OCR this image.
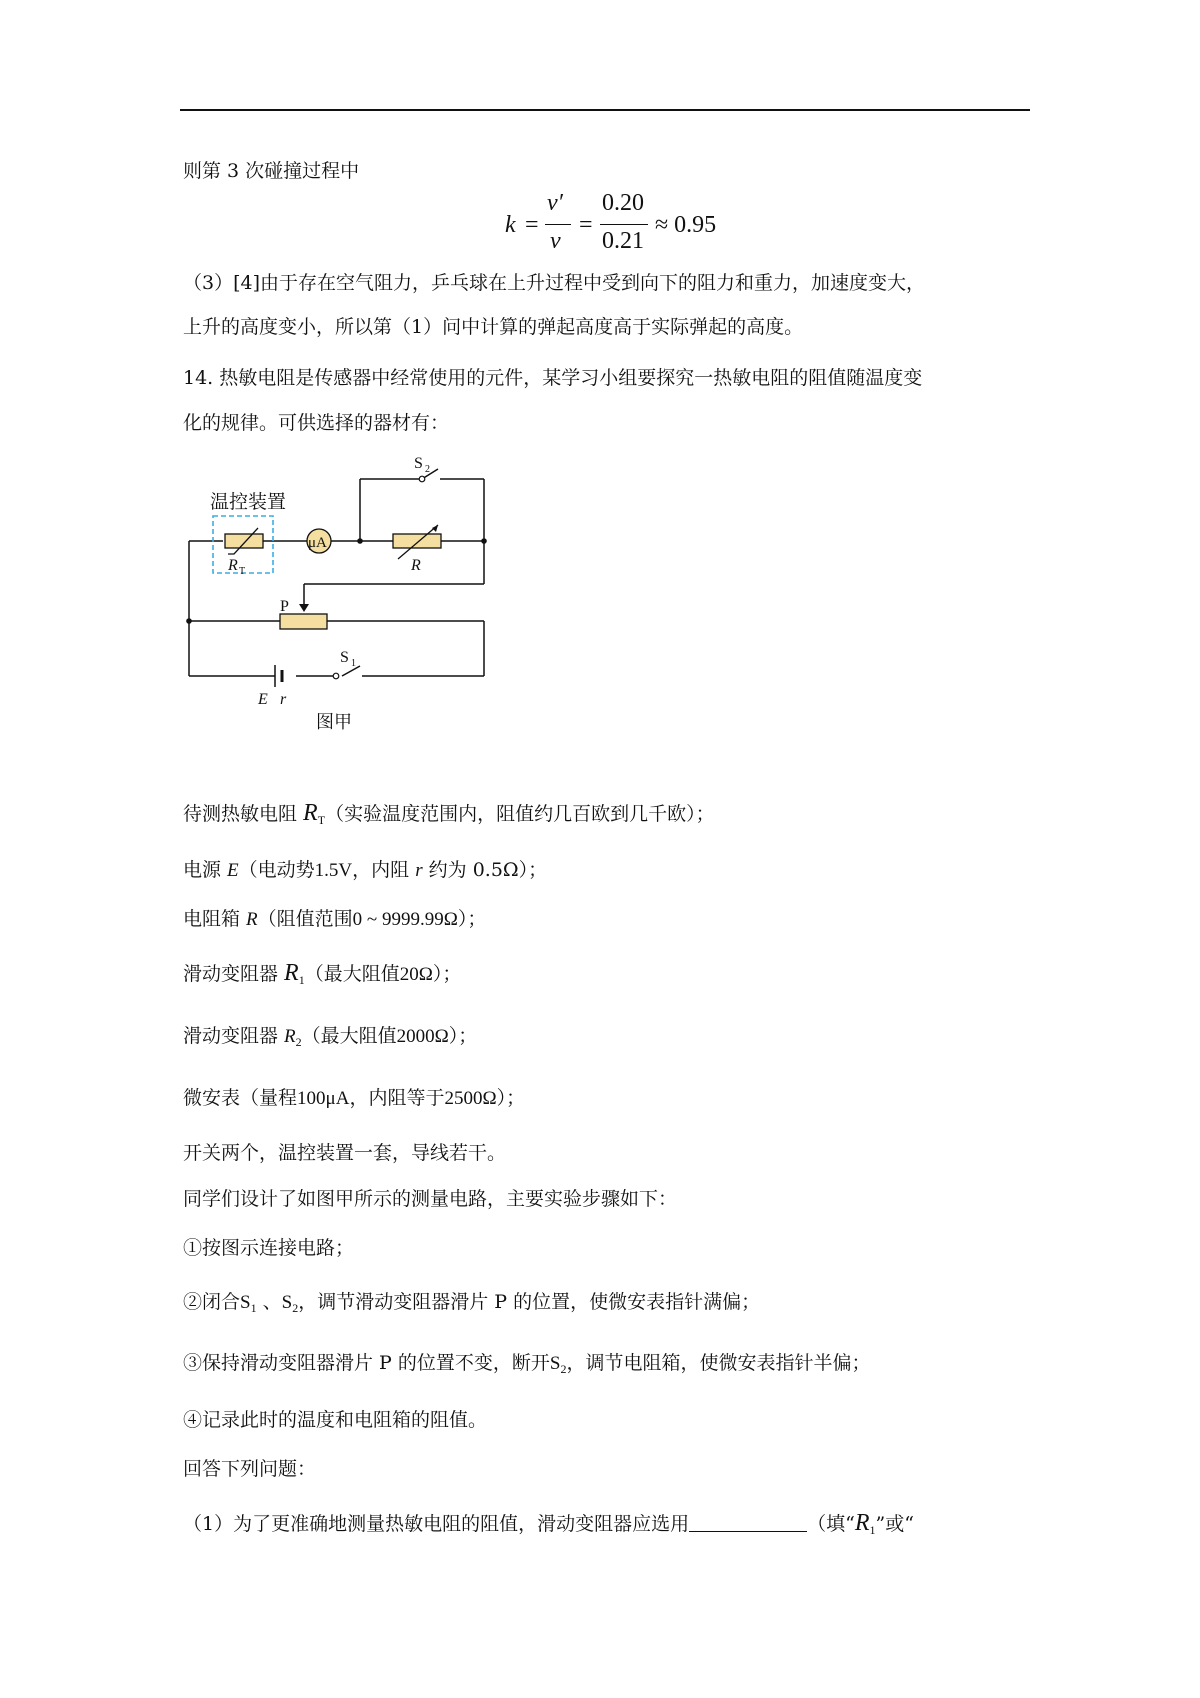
则第 3 次碰撞过程中
k =
v′
v
=
0.20
0.21
≈ 0.95
（3）[4]由于存在空气阻力，乒乓球在上升过程中受到向下的阻力和重力，加速度变大，
上升的高度变小，所以第（1）问中计算的弹起高度高于实际弹起的高度。
14. 热敏电阻是传感器中经常使用的元件，某学习小组要探究一热敏电阻的阻值随温度变
化的规律。可供选择的器材有：
温控装置
R T
μA
R
S 2
P
S 1
E r
图甲
待测热敏电阻 $R_T$（实验温度范围内，阻值约几百欧到几千欧）；
电源 E（电动势1.5V，内阻 r 约为 0.5Ω）；
电阻箱 R（阻值范围0 ~ 9999.99Ω）；
滑动变阻器 $R_1$（最大阻值20Ω）；
滑动变阻器 $R_2$（最大阻值2000Ω）；
微安表（量程100μA，内阻等于2500Ω）；
开关两个，温控装置一套，导线若干。
同学们设计了如图甲所示的测量电路，主要实验步骤如下：
①按图示连接电路；
②闭合$S_1$ 、$S_2$，调节滑动变阻器滑片 P 的位置，使微安表指针满偏；
③保持滑动变阻器滑片 P 的位置不变，断开$S_2$，调节电阻箱，使微安表指针半偏；
④记录此时的温度和电阻箱的阻值。
回答下列问题：
（1）为了更准确地测量热敏电阻的阻值，滑动变阻器应选用	（填“$R_1$”或“
